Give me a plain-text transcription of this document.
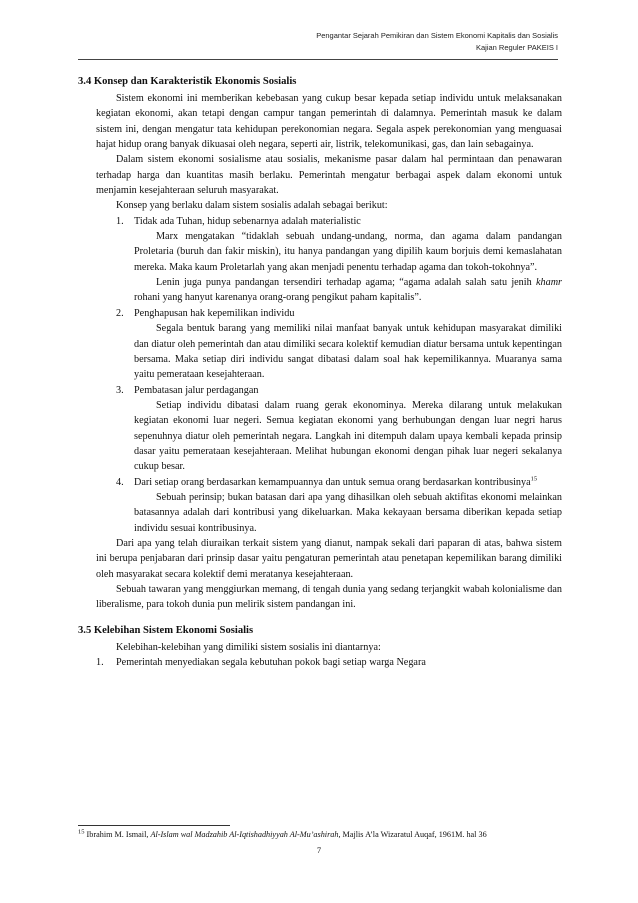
Pengantar Sejarah Pemikiran dan Sistem Ekonomi Kapitalis dan Sosialis
Kajian Reguler PAKEIS I
3.4 Konsep dan Karakteristik Ekonomis Sosialis

Sistem ekonomi ini memberikan kebebasan yang cukup besar kepada setiap individu untuk melaksanakan kegiatan ekonomi, akan tetapi dengan campur tangan pemerintah di dalamnya. Pemerintah masuk ke dalam sistem ini, dengan mengatur tata kehidupan perekonomian negara. Segala aspek perekonomian yang menguasai hajat hidup orang banyak dikuasai oleh negara, seperti air, listrik, telekomunikasi, gas, dan lain sebagainya.

Dalam sistem ekonomi sosialisme atau sosialis, mekanisme pasar dalam hal permintaan dan penawaran terhadap harga dan kuantitas masih berlaku. Pemerintah mengatur berbagai aspek dalam ekonomi untuk menjamin kesejahteraan seluruh masyarakat.

Konsep yang berlaku dalam sistem sosialis adalah sebagai berikut:

1. Tidak ada Tuhan, hidup sebenarnya adalah materialistic

Marx mengatakan “tidaklah sebuah undang-undang, norma, dan agama dalam pandangan Proletaria (buruh dan fakir miskin), itu hanya pandangan yang dipilih kaum borjuis demi kemaslahatan mereka. Maka kaum Proletarlah yang akan menjadi penentu terhadap agama dan tokoh-tokohnya”.

Lenin juga punya pandangan tersendiri terhadap agama; “agama adalah salah satu jenih khamr rohani yang hanyut karenanya orang-orang pengikut paham kapitalis”.

2. Penghapusan hak kepemilikan individu

Segala bentuk barang yang memiliki nilai manfaat banyak untuk kehidupan masyarakat dimiliki dan diatur oleh pemerintah dan atau dimiliki secara kolektif kemudian diatur bersama untuk kepentingan bersama. Maka setiap diri individu sangat dibatasi dalam soal hak kepemilikannya. Muaranya sama yaitu pemerataan kesejahteraan.

3. Pembatasan jalur perdagangan

Setiap individu dibatasi dalam ruang gerak ekonominya. Mereka dilarang untuk melakukan kegiatan ekonomi luar negeri. Semua kegiatan ekonomi yang berhubungan dengan luar negri harus sepenuhnya diatur oleh pemerintah negara. Langkah ini ditempuh dalam upaya kembali kepada prinsip dasar yaitu pemerataan kesejahteraan. Melihat hubungan ekonomi dengan pihak luar negeri sekalanya cukup besar.

4. Dari setiap orang berdasarkan kemampuannya dan untuk semua orang berdasarkan kontribusinya$^{15}$

Sebuah perinsip; bukan batasan dari apa yang dihasilkan oleh sebuah aktifitas ekonomi melainkan batasannya adalah dari kontribusi yang dikeluarkan. Maka kekayaan bersama diberikan kepada setiap individu sesuai kontribusinya.

Dari apa yang telah diuraikan terkait sistem yang dianut, nampak sekali dari paparan di atas, bahwa sistem ini berupa penjabaran dari prinsip dasar yaitu pengaturan pemerintah atau penetapan kepemilikan barang dimiliki oleh masyarakat secara kolektif demi meratanya kesejahteraan.

Sebuah tawaran yang menggiurkan memang, di tengah dunia yang sedang terjangkit wabah kolonialisme dan liberalisme, para tokoh dunia pun melirik sistem pandangan ini.

3.5 Kelebihan Sistem Ekonomi Sosialis

Kelebihan-kelebihan yang dimiliki sistem sosialis ini diantarnya:

1. Pemerintah menyediakan segala kebutuhan pokok bagi setiap warga Negara

$^{15}$ Ibrahim M. Ismail, Al-Islam wal Madzahib Al-Iqtishadhiyyah Al-Mu’ashirah, Majlis A’la Wizaratul Auqaf, 1961M. hal 36
7
